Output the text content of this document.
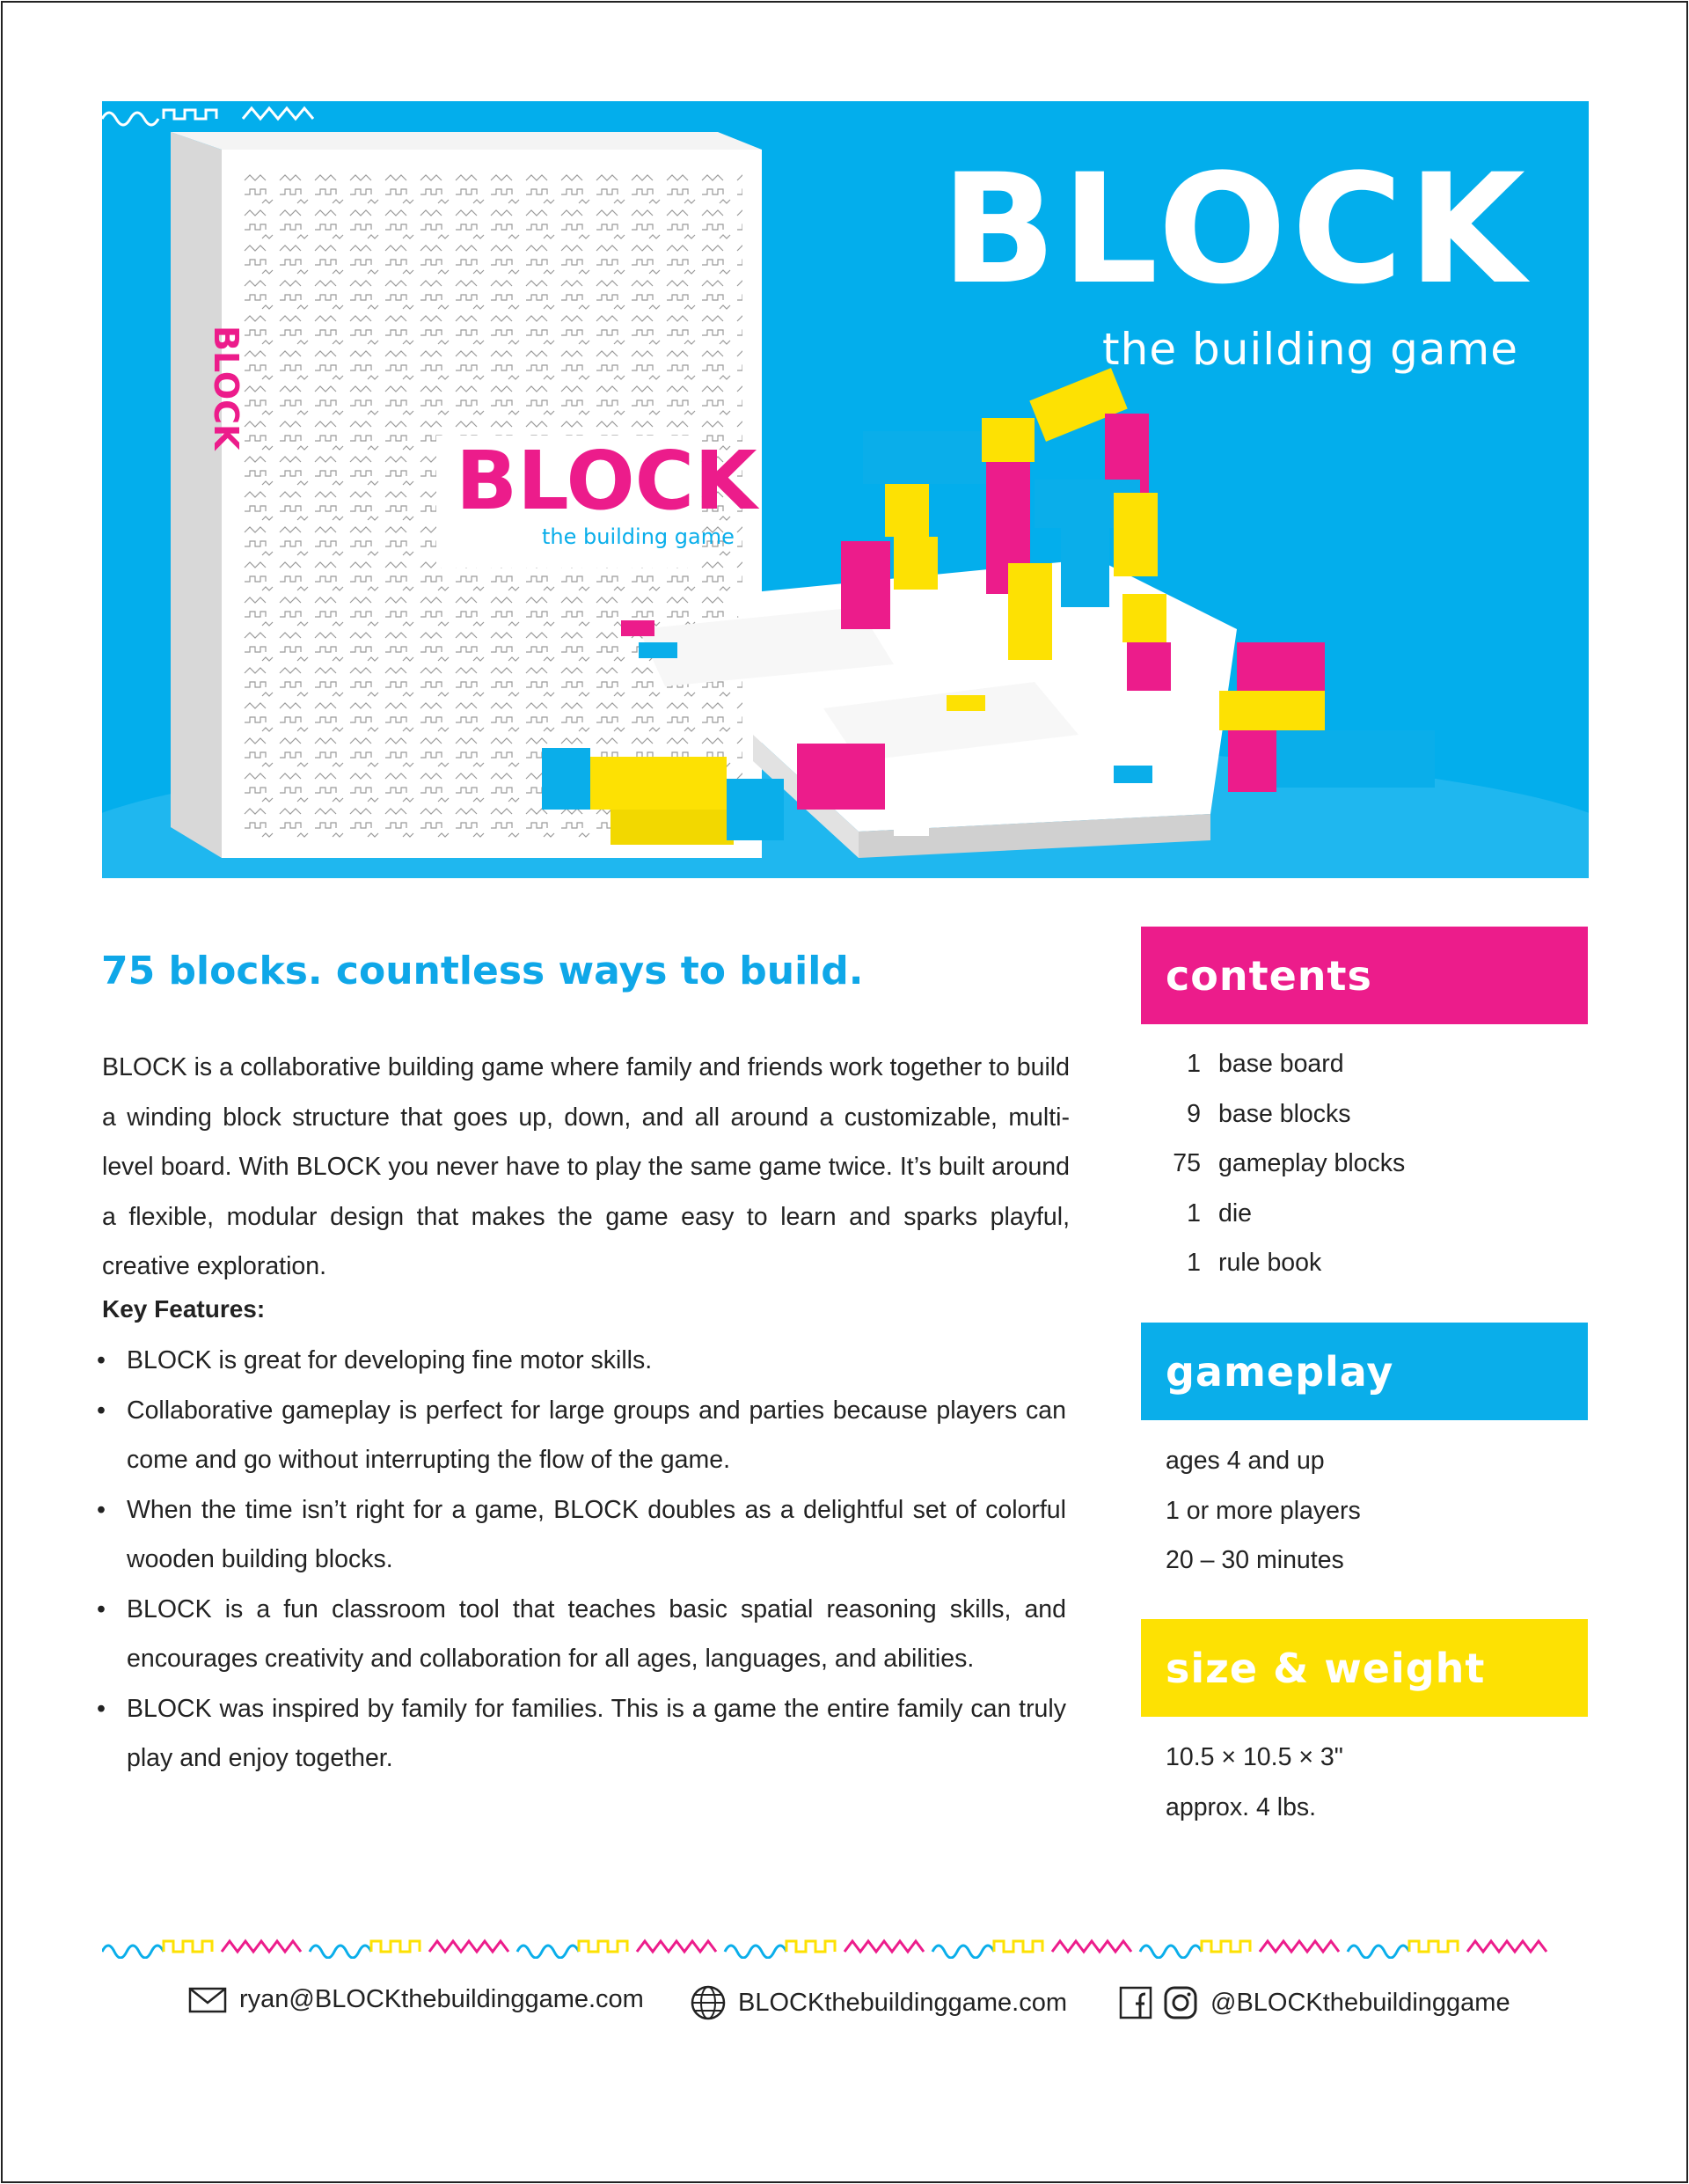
BLOCK
the building game
BLOCK
BLOCK
the building game
75 blocks. countless ways to build.
BLOCK is a collaborative building game where family and friends work together to build a winding block structure that goes up, down, and all around a customizable, multi-level board. With BLOCK you never have to play the same game twice. It’s built around a flexible, modular design that makes the game easy to learn and sparks playful, creative exploration.
Key Features:
• BLOCK is great for developing fine motor skills.
• Collaborative gameplay is perfect for large groups and parties because players can come and go without interrupting the flow of the game.
• When the time isn’t right for a game, BLOCK doubles as a delightful set of colorful wooden building blocks.
• BLOCK is a fun classroom tool that teaches basic spatial reasoning skills, and encourages creativity and collaboration for all ages, languages, and abilities.
• BLOCK was inspired by family for families. This is a game the entire family can truly play and enjoy together.
contents
1 base board
9 base blocks
75 gameplay blocks
1 die
1 rule book
gameplay
ages 4 and up
1 or more players
20 – 30 minutes
size & weight
10.5 × 10.5 × 3"
approx. 4 lbs.
ryan@BLOCKthebuildinggame.com	BLOCKthebuildinggame.com	@BLOCKthebuildinggame
